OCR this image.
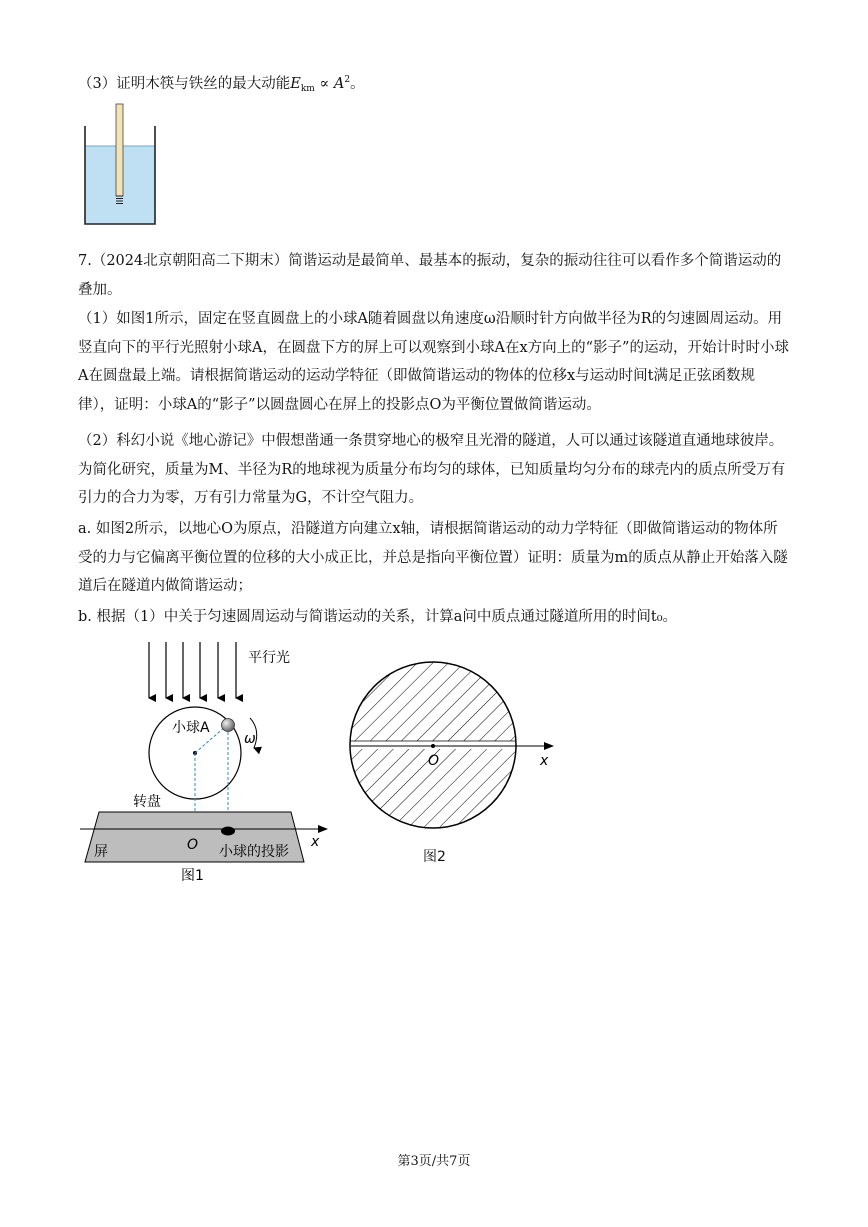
（3）证明木筷与铁丝的最大动能$E_{km} \propto A^2$。

7.（2024北京朝阳高二下期末）简谐运动是最简单、最基本的振动，复杂的振动往往可以看作多个简谐运动的叠加。

（1）如图1所示，固定在竖直圆盘上的小球A随着圆盘以角速度ω沿顺时针方向做半径为R的匀速圆周运动。用竖直向下的平行光照射小球A，在圆盘下方的屏上可以观察到小球A在x方向上的“影子”的运动，开始计时时小球A在圆盘最上端。请根据简谐运动的运动学特征（即做简谐运动的物体的位移x与运动时间t满足正弦函数规律），证明：小球A的“影子”以圆盘圆心在屏上的投影点O为平衡位置做简谐运动。

（2）科幻小说《地心游记》中假想凿通一条贯穿地心的极窄且光滑的隧道，人可以通过该隧道直通地球彼岸。为简化研究，质量为M、半径为R的地球视为质量分布均匀的球体，已知质量均匀分布的球壳内的质点所受万有引力的合力为零，万有引力常量为G，不计空气阻力。

a. 如图2所示，以地心O为原点，沿隧道方向建立x轴，请根据简谐运动的动力学特征（即做简谐运动的物体所受的力与它偏离平衡位置的位移的大小成正比，并总是指向平衡位置）证明：质量为m的质点从静止开始落入隧道后在隧道内做简谐运动；

b. 根据（1）中关于匀速圆周运动与简谐运动的关系，计算a问中质点通过隧道所用的时间t₀。

平行光
小球A
ω
转盘
x
O
屏	小球的投影
图1
O	x
图2
第3页/共7页
